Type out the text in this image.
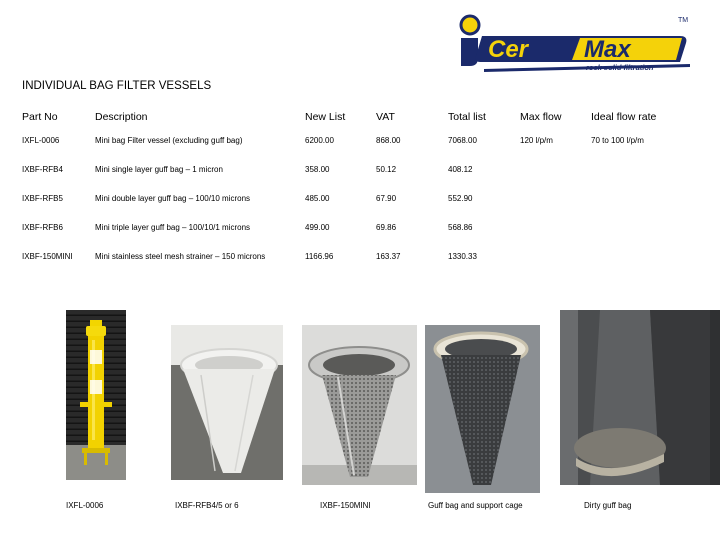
Cer Max
rock solid filtration
TM
INDIVIDUAL BAG FILTER VESSELS
Part No	Description	New List	VAT	Total list	Max flow	Ideal flow rate
IXFL-0006	Mini bag Filter vessel (excluding guff bag)	6200.00	868.00	7068.00	120 l/p/m	70 to 100 l/p/m
IXBF-RFB4	Mini single layer guff bag – 1 micron	358.00	50.12	408.12		
IXBF-RFB5	Mini double layer guff bag – 100/10 microns	485.00	67.90	552.90		
IXBF-RFB6	Mini triple layer guff bag – 100/10/1 microns	499.00	69.86	568.86		
IXBF-150MINI	Mini stainless steel mesh strainer – 150 microns	1166.96	163.37	1330.33		
IXFL-0006	IXBF-RFB4/5 or 6	IXBF-150MINI	Guff bag and support cage	Dirty guff bag
